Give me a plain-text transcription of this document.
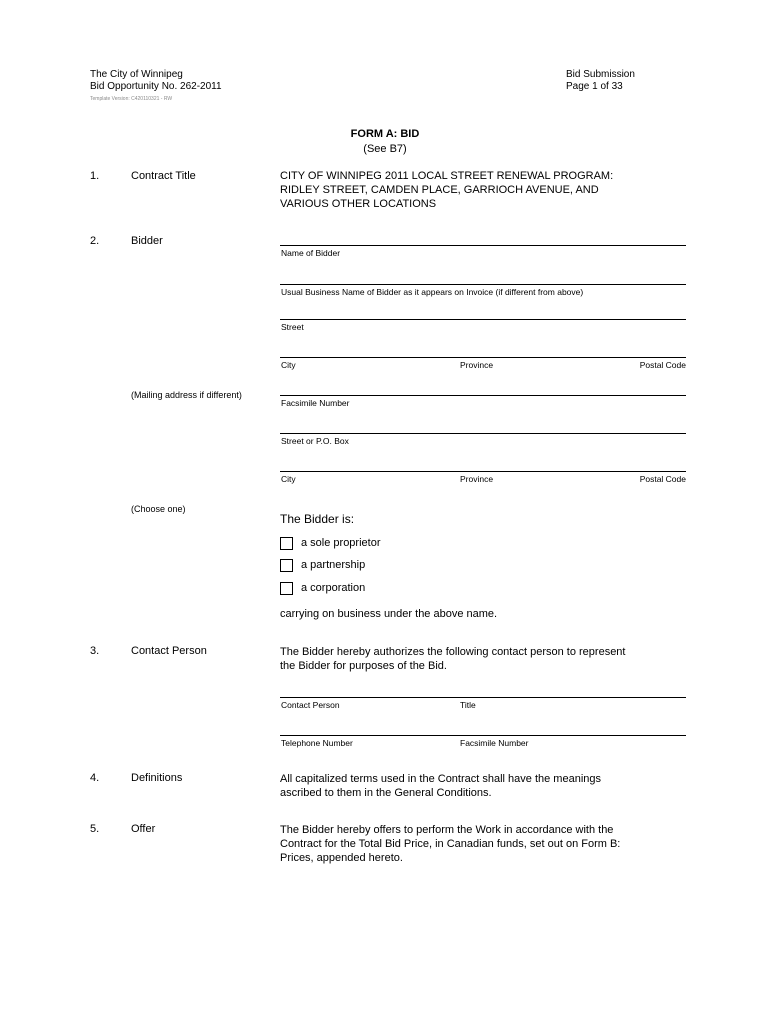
The City of Winnipeg
Bid Opportunity No. 262-2011
Template Version: C420110321 - RW
Bid Submission
Page 1 of 33
FORM A: BID
(See B7)
1.	Contract Title	CITY OF WINNIPEG 2011 LOCAL STREET RENEWAL PROGRAM:
RIDLEY STREET, CAMDEN PLACE, GARRIOCH AVENUE, AND
VARIOUS OTHER LOCATIONS
2.	Bidder
Name of Bidder
Usual Business Name of Bidder as it appears on Invoice (if different from above)
Street
City	Province	Postal Code
(Mailing address if different)
Facsimile Number
Street or P.O. Box
City	Province	Postal Code
(Choose one)
The Bidder is:
a sole proprietor
a partnership
a corporation
carrying on business under the above name.
3.	Contact Person	The Bidder hereby authorizes the following contact person to represent
the Bidder for purposes of the Bid.
Contact Person	Title
Telephone Number	Facsimile Number
4.	Definitions	All capitalized terms used in the Contract shall have the meanings
ascribed to them in the General Conditions.
5.	Offer	The Bidder hereby offers to perform the Work in accordance with the
Contract for the Total Bid Price, in Canadian funds, set out on Form B:
Prices, appended hereto.
